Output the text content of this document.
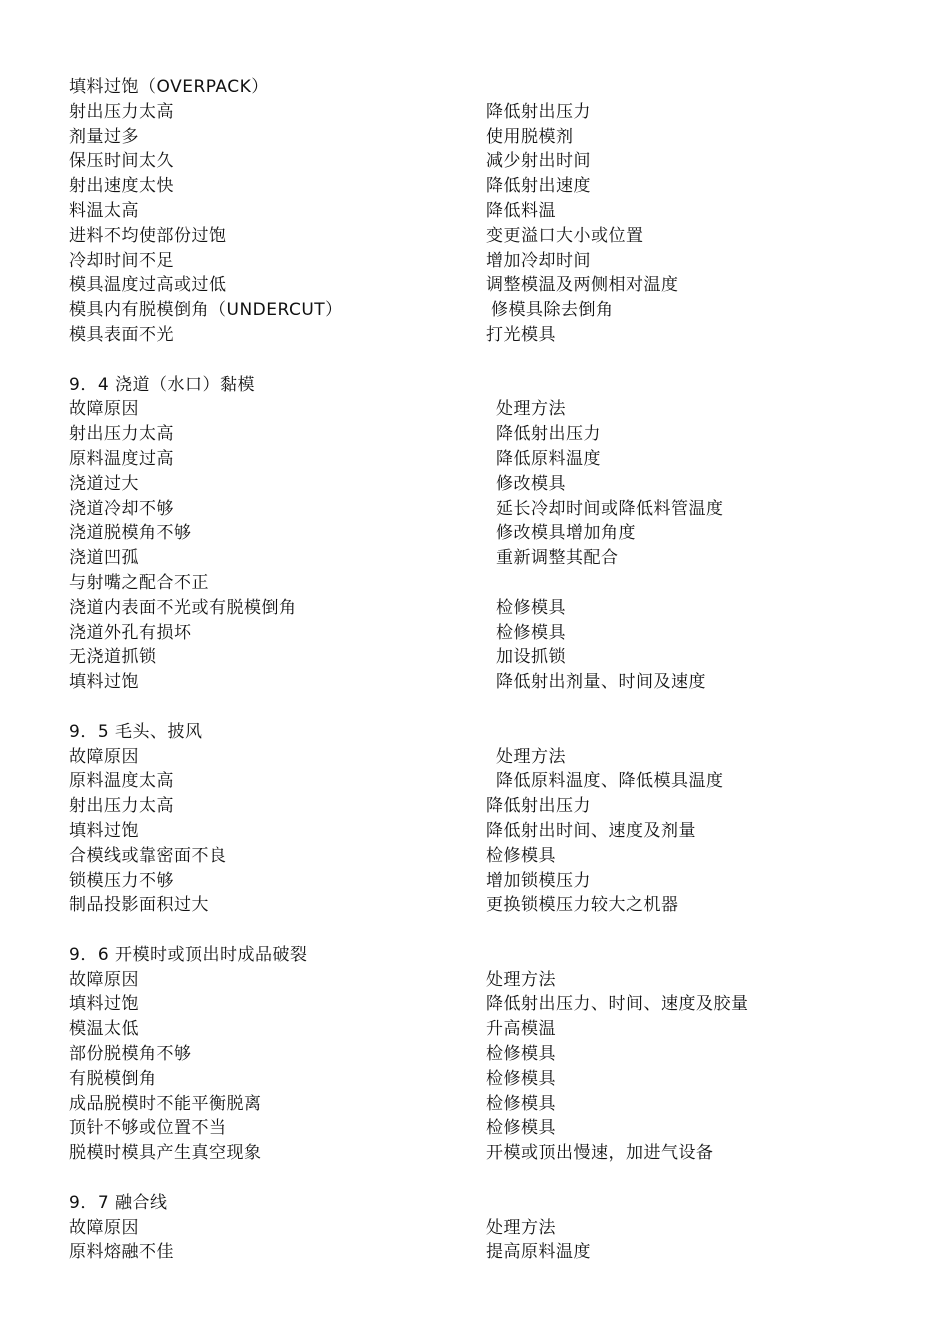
填料过饱（OVERPACK）
射出压力太高	降低射出压力
剂量过多	使用脱模剂
保压时间太久	减少射出时间
射出速度太快	降低射出速度
料温太高	降低料温
进料不均使部份过饱	变更溢口大小或位置
冷却时间不足	增加冷却时间
模具温度过高或过低	调整模温及两侧相对温度
模具内有脱模倒角（UNDERCUT）	修模具除去倒角
模具表面不光	打光模具
9．4 浇道（水口）黏模
故障原因	处理方法
射出压力太高	降低射出压力
原料温度过高	降低原料温度
浇道过大	修改模具
浇道冷却不够	延长冷却时间或降低料管温度
浇道脱模角不够	修改模具增加角度
浇道凹孤	重新调整其配合
与射嘴之配合不正
浇道内表面不光或有脱模倒角	检修模具
浇道外孔有损坏	检修模具
无浇道抓锁	加设抓锁
填料过饱	降低射出剂量、时间及速度
9．5 毛头、披风
故障原因	处理方法
原料温度太高	降低原料温度、降低模具温度
射出压力太高	降低射出压力
填料过饱	降低射出时间、速度及剂量
合模线或靠密面不良	检修模具
锁模压力不够	增加锁模压力
制品投影面积过大	更换锁模压力较大之机器
9．6 开模时或顶出时成品破裂
故障原因	处理方法
填料过饱	降低射出压力、时间、速度及胶量
模温太低	升高模温
部份脱模角不够	检修模具
有脱模倒角	检修模具
成品脱模时不能平衡脱离	检修模具
顶针不够或位置不当	检修模具
脱模时模具产生真空现象	开模或顶出慢速，加进气设备
9．7 融合线
故障原因	处理方法
原料熔融不佳	提高原料温度
